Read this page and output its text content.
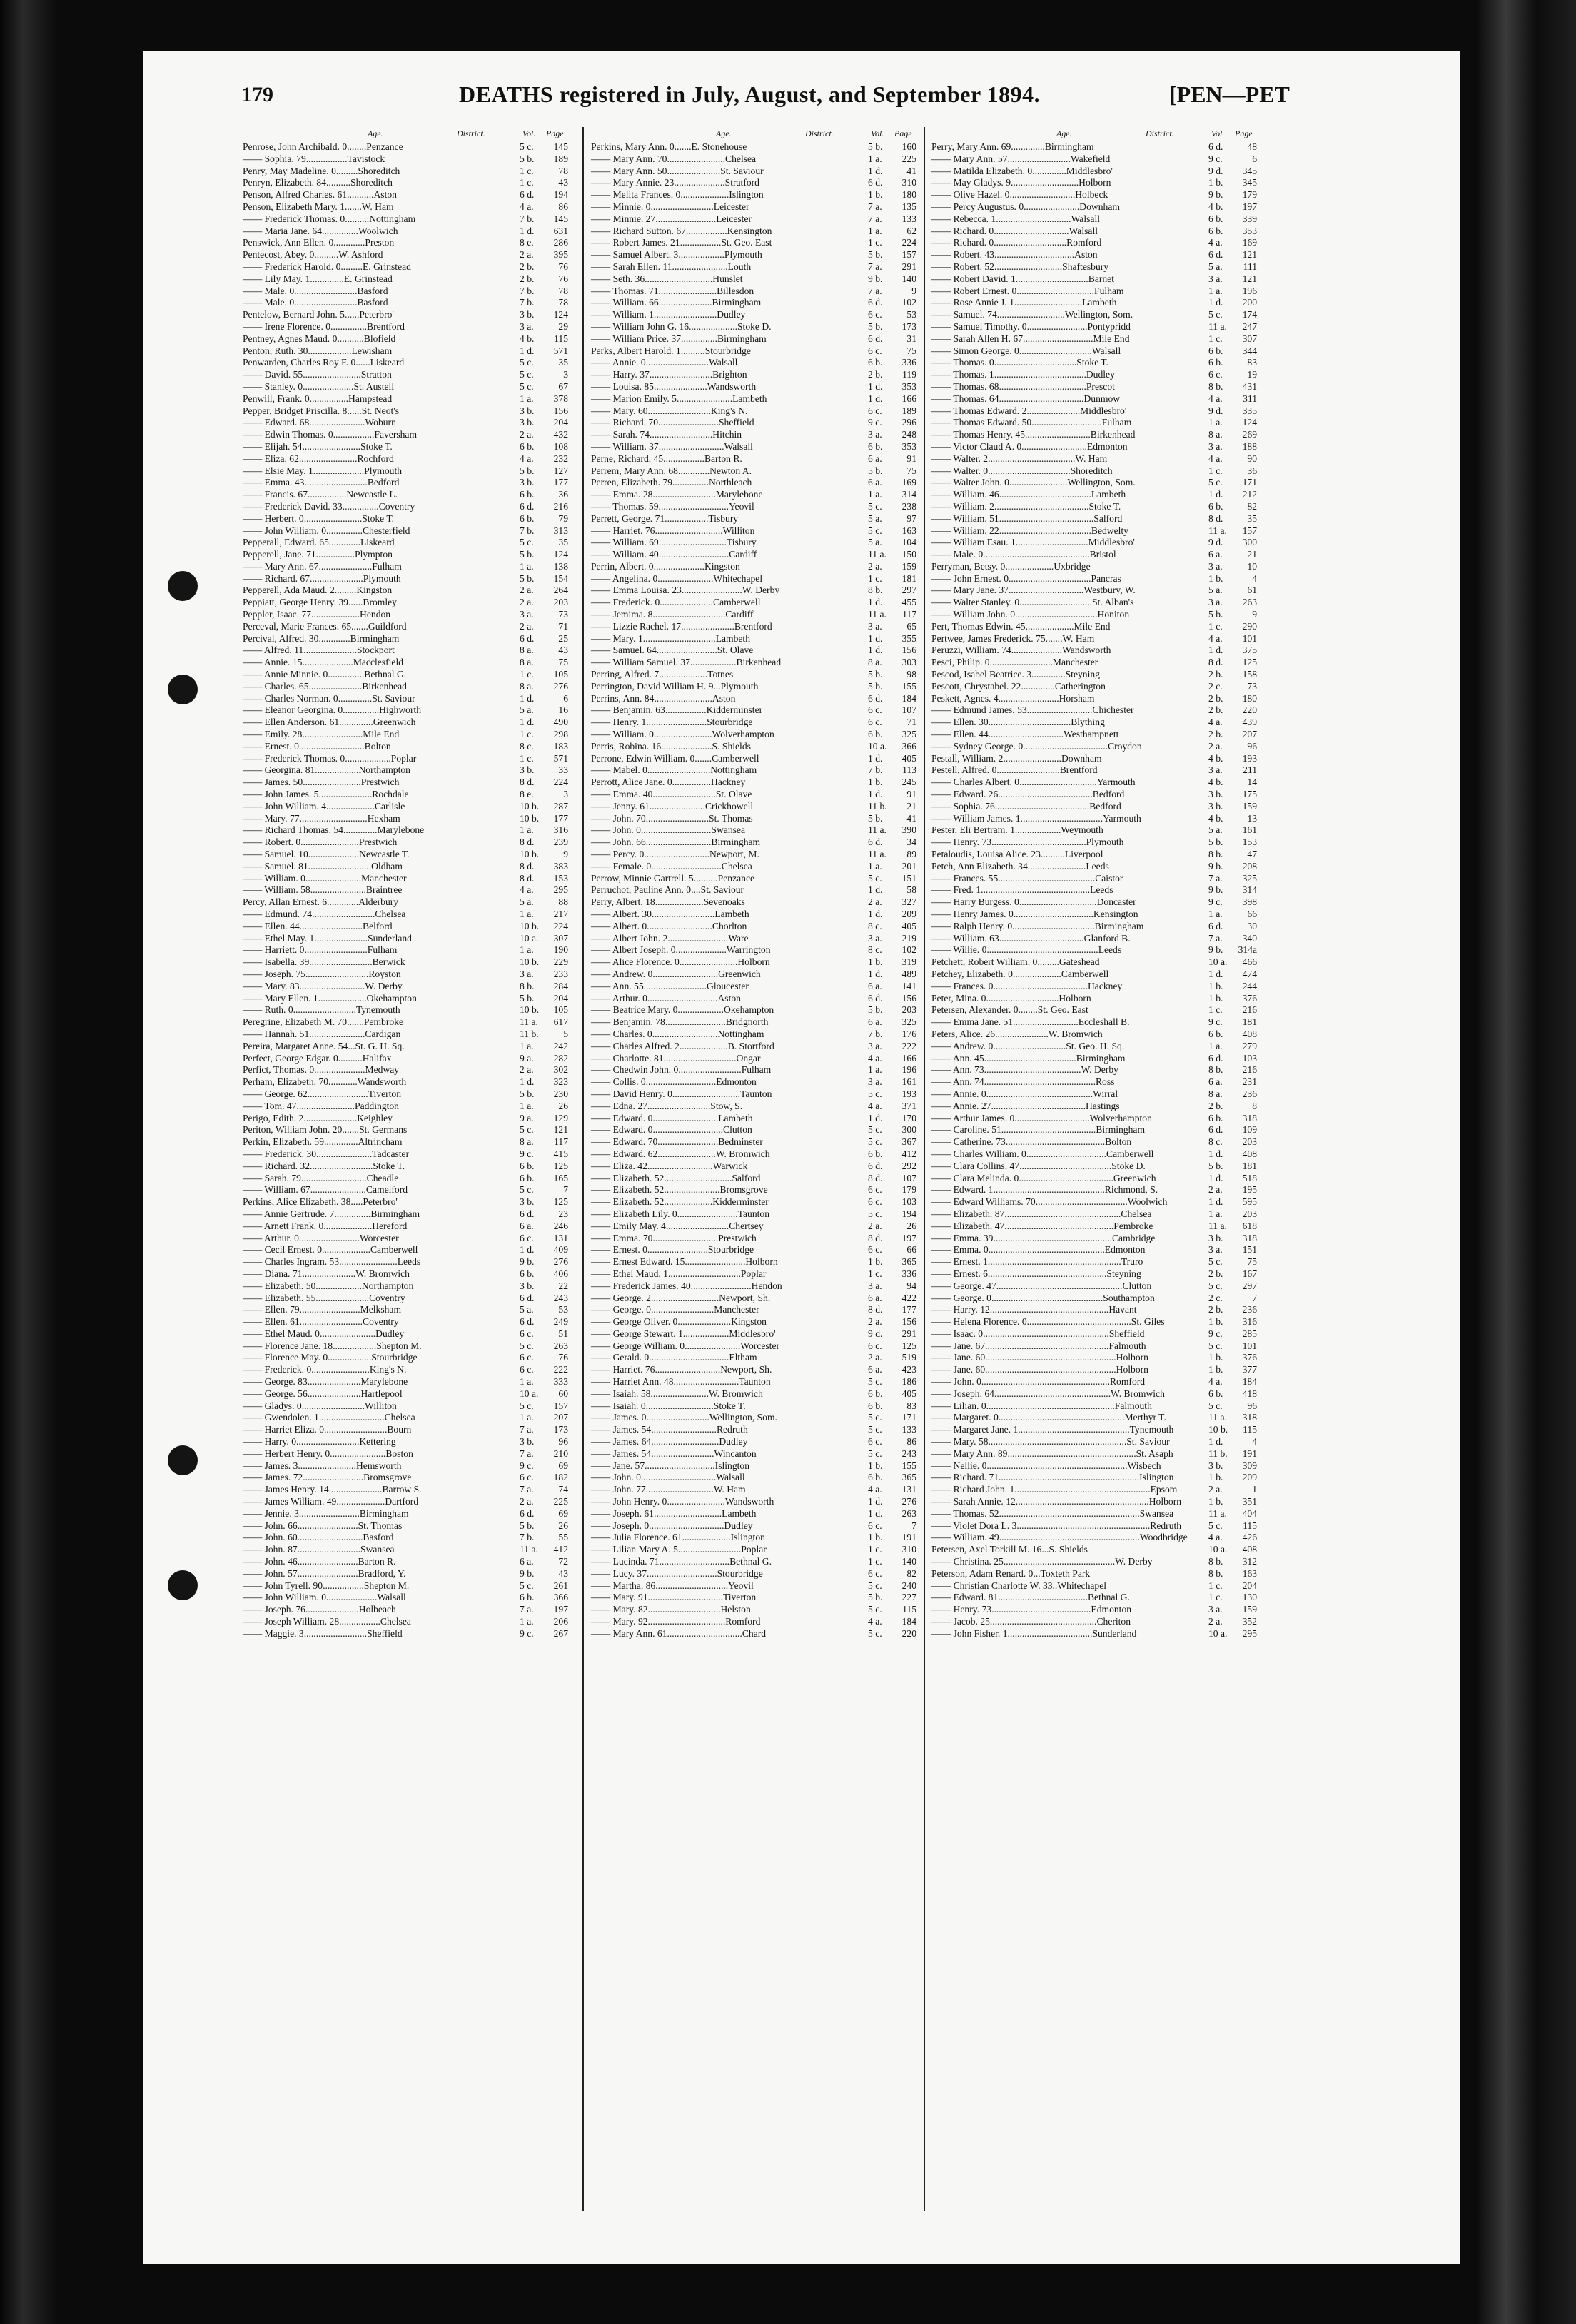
179	DEATHS registered in July, August, and September 1894.	[PEN—PET
Age.	District.	Vol. Page
Penrose, John Archibald. 0........Penzance	5 c.	145
—— Sophia. 79.................Tavistock	5 b.	189
Penry, May Madeline. 0.........Shoreditch	1 c.	78
Penryn, Elizabeth. 84..........Shoreditch	1 c.	43
Penson, Alfred Charles. 61...........Aston	6 d.	194
Penson, Elizabeth Mary. 1.......W. Ham	4 a.	86
—— Frederick Thomas. 0..........Nottingham	7 b.	145
—— Maria Jane. 64...............Woolwich	1 d.	631
Penswick, Ann Ellen. 0.............Preston	8 e.	286
Pentecost, Abey. 0..........W. Ashford	2 a.	395
—— Frederick Harold. 0.........E. Grinstead	2 b.	76
—— Lily May. 1..............E. Grinstead	2 b.	76
—— Male. 0..........................Basford	7 b.	78
—— Male. 0..........................Basford	7 b.	78
Pentelow, Bernard John. 5......Peterbro'	3 b.	124
—— Irene Florence. 0...............Brentford	3 a.	29
Pentney, Agnes Maud. 0...........Blofield	4 b.	115
Penton, Ruth. 30..................Lewisham	1 d.	571
Penwarden, Charles Roy F. 0......Liskeard	5 c.	35
—— David. 55........................Stratton	5 c.	3
—— Stanley. 0.....................St. Austell	5 c.	67
Penwill, Frank. 0................Hampstead	1 a.	378
Pepper, Bridget Priscilla. 8......St. Neot's	3 b.	156
—— Edward. 68.......................Woburn	3 b.	204
—— Edwin Thomas. 0.................Faversham	2 a.	432
—— Elijah. 54........................Stoke T.	6 b.	108
—— Eliza. 62........................Rochford	4 a.	232
—— Elsie May. 1.....................Plymouth	5 b.	127
—— Emma. 43..........................Bedford	3 b.	177
—— Francis. 67................Newcastle L.	6 b.	36
—— Frederick David. 33...............Coventry	6 d.	216
—— Herbert. 0........................Stoke T.	6 b.	79
—— John William. 0...............Chesterfield	7 b.	313
Pepperall, Edward. 65.............Liskeard	5 c.	35
Pepperell, Jane. 71................Plympton	5 b.	124
—— Mary Ann. 67......................Fulham	1 a.	138
—— Richard. 67......................Plymouth	5 b.	154
Pepperell, Ada Maud. 2.........Kingston	2 a.	264
Peppiatt, George Henry. 39......Bromley	2 a.	203
Peppler, Isaac. 77....................Hendon	3 a.	73
Perceval, Marie Frances. 65.......Guildford	2 a.	71
Percival, Alfred. 30.............Birmingham	6 d.	25
—— Alfred. 11......................Stockport	8 a.	43
—— Annie. 15.....................Macclesfield	8 a.	75
—— Annie Minnie. 0...............Bethnal G.	1 c.	105
—— Charles. 65......................Birkenhead	8 a.	276
—— Charles Norman. 0..............St. Saviour	1 d.	6
—— Eleanor Georgina. 0...............Highworth	5 a.	16
—— Ellen Anderson. 61..............Greenwich	1 d.	490
—— Emily. 28.........................Mile End	1 c.	298
—— Ernest. 0...........................Bolton	8 c.	183
—— Frederick Thomas. 0...................Poplar	1 c.	571
—— Georgina. 81..................Northampton	3 b.	33
—— James. 50........................Prestwich	8 d.	224
—— John James. 5......................Rochdale	8 e.	3
—— John William. 4....................Carlisle	10 b.	287
—— Mary. 77............................Hexham	10 b.	177
—— Richard Thomas. 54..............Marylebone	1 a.	316
—— Robert. 0........................Prestwich	8 d.	239
—— Samuel. 10.....................Newcastle T.	10 b.	9
—— Samuel. 81..........................Oldham	8 d.	383
—— William. 0.......................Manchester	8 d.	153
—— William. 58.......................Braintree	4 a.	295
Percy, Allan Ernest. 6.............Alderbury	5 a.	88
—— Edmund. 74..........................Chelsea	1 a.	217
—— Ellen. 44..........................Belford	10 b.	224
—— Ethel May. 1......................Sunderland	10 a.	307
—— Harriett. 0..........................Fulham	1 a.	190
—— Isabella. 39..........................Berwick	10 b.	229
—— Joseph. 75..........................Royston	3 a.	233
—— Mary. 83...........................W. Derby	8 b.	284
—— Mary Ellen. 1....................Okehampton	5 b.	204
—— Ruth. 0..........................Tynemouth	10 b.	105
Peregrine, Elizabeth M. 70.......Pembroke	11 a.	617
—— Hannah. 51.......................Cardigan	11 b.	5
Pereira, Margaret Anne. 54...St. G. H. Sq.	1 a.	242
Perfect, George Edgar. 0..........Halifax	9 a.	282
Perfict, Thomas. 0.....................Medway	2 a.	302
Perham, Elizabeth. 70............Wandsworth	1 d.	323
—— George. 62.........................Tiverton	5 b.	230
—— Tom. 47........................Paddington	1 a.	26
Perigo, Edith. 2......................Keighley	9 a.	129
Periton, William John. 20.......St. Germans	5 c.	121
Perkin, Elizabeth. 59..............Altrincham	8 a.	117
—— Frederick. 30.......................Tadcaster	9 c.	415
—— Richard. 32..........................Stoke T.	6 b.	125
—— Sarah. 79...........................Cheadle	6 b.	165
—— William. 67.......................Camelford	5 c.	7
Perkins, Alice Elizabeth. 38.....Peterbro'	3 b.	125
—— Annie Gertrude. 7...............Birmingham	6 d.	23
—— Arnett Frank. 0....................Hereford	6 a.	246
—— Arthur. 0.........................Worcester	6 c.	131
—— Cecil Ernest. 0....................Camberwell	1 d.	409
—— Charles Ingram. 53........................Leeds	9 b.	276
—— Diana. 71......................W. Bromwich	6 b.	406
—— Elizabeth. 50...................Northampton	3 b.	22
—— Elizabeth. 55......................Coventry	6 d.	243
—— Ellen. 79.........................Melksham	5 a.	53
—— Ellen. 61..........................Coventry	6 d.	249
—— Ethel Maud. 0.......................Dudley	6 c.	51
—— Florence Jane. 18..................Shepton M.	5 c.	263
—— Florence May. 0..................Stourbridge	6 c.	76
—— Frederick. 0........................King's N.	6 c.	222
—— George. 83......................Marylebone	1 a.	333
—— George. 56......................Hartlepool	10 a.	60
—— Gladys. 0..........................Williton	5 c.	157
—— Gwendolen. 1...........................Chelsea	1 a.	207
—— Harriet Eliza. 0..........................Bourn	7 a.	173
—— Harry. 0..........................Kettering	3 b.	96
—— Herbert Henry. 0.......................Boston	7 a.	210
—— James. 3........................Hemsworth	9 c.	69
—— James. 72.........................Bromsgrove	6 c.	182
—— James Henry. 14......................Barrow S.	7 a.	74
—— James William. 49....................Dartford	2 a.	225
—— Jennie. 3.........................Birmingham	6 d.	69
—— John. 66.........................St. Thomas	5 b.	26
—— John. 60...........................Basford	7 b.	55
—— John. 87..........................Swansea	11 a.	412
—— John. 46.........................Barton R.	6 a.	72
—— John. 57.........................Bradford, Y.	9 b.	43
—— John Tyrell. 90.................Shepton M.	5 c.	261
—— John William. 0.....................Walsall	6 b.	366
—— Joseph. 76......................Holbeach	7 a.	197
—— Joseph William. 28.................Chelsea	1 a.	206
—— Maggie. 3..........................Sheffield	9 c.	267
Age.	District.	Vol. Page
Perkins, Mary Ann. 0.......E. Stonehouse	5 b.	160
—— Mary Ann. 70........................Chelsea	1 a.	225
—— Mary Ann. 50......................St. Saviour	1 d.	41
—— Mary Annie. 23.....................Stratford	6 d.	310
—— Melita Frances. 0....................Islington	1 b.	180
—— Minnie. 0..........................Leicester	7 a.	135
—— Minnie. 27.........................Leicester	7 a.	133
—— Richard Sutton. 67.................Kensington	1 a.	62
—— Robert James. 21.................St. Geo. East	1 c.	224
—— Samuel Albert. 3...................Plymouth	5 b.	157
—— Sarah Ellen. 11.......................Louth	7 a.	291
—— Seth. 36............................Hunslet	9 b.	140
—— Thomas. 71........................Billesdon	7 a.	9
—— William. 66......................Birmingham	6 d.	102
—— William. 1..........................Dudley	6 c.	53
—— William John G. 16....................Stoke D.	5 b.	173
—— William Price. 37...............Birmingham	6 d.	31
Perks, Albert Harold. 1..........Stourbridge	6 c.	75
—— Annie. 0..........................Walsall	6 b.	336
—— Harry. 37..........................Brighton	2 b.	119
—— Louisa. 85......................Wandsworth	1 d.	353
—— Marion Emily. 5.......................Lambeth	1 d.	166
—— Mary. 60..........................King's N.	6 c.	189
—— Richard. 70.........................Sheffield	9 c.	296
—— Sarah. 74..........................Hitchin	3 a.	248
—— William. 37...........................Walsall	6 b.	353
Perne, Richard. 45.................Barton R.	6 a.	91
Perrem, Mary Ann. 68.............Newton A.	5 b.	75
Perren, Elizabeth. 79...............Northleach	6 a.	169
—— Emma. 28..........................Marylebone	1 a.	314
—— Thomas. 59.............................Yeovil	5 c.	238
Perrett, George. 71..................Tisbury	5 a.	97
—— Harriet. 76............................Williton	5 c.	163
—— William. 69............................Tisbury	5 a.	104
—— William. 40.............................Cardiff	11 a.	150
Perrin, Albert. 0.....................Kingston	2 a.	159
—— Angelina. 0.......................Whitechapel	1 c.	181
—— Emma Louisa. 23.........................W. Derby	8 b.	297
—— Frederick. 0......................Camberwell	1 d.	455
—— Jemima. 8..............................Cardiff	11 a.	117
—— Lizzie Rachel. 17......................Brentford	3 a.	65
—— Mary. 1..............................Lambeth	1 d.	355
—— Samuel. 64.........................St. Olave	1 d.	156
—— William Samuel. 37...................Birkenhead	8 a.	303
Perring, Alfred. 7....................Totnes	5 b.	98
Perrington, David William H. 9...Plymouth	5 b.	155
Perrins, Ann. 84........................Aston	6 d.	184
—— Benjamin. 63.................Kidderminster	6 c.	107
—— Henry. 1.........................Stourbridge	6 c.	71
—— William. 0........................Wolverhampton	6 b.	325
Perris, Robina. 16.....................S. Shields	10 a.	366
Perrone, Edwin William. 0.......Camberwell	1 d.	405
—— Mabel. 0..........................Nottingham	7 b.	113
Perrott, Alice Jane. 0................Hackney	1 b.	245
—— Emma. 40..........................St. Olave	1 d.	91
—— Jenny. 61.......................Crickhowell	11 b.	21
—— John. 70..........................St. Thomas	5 b.	41
—— John. 0.............................Swansea	11 a.	390
—— John. 66...........................Birmingham	6 d.	34
—— Percy. 0...........................Newport, M.	11 a.	89
—— Female. 0.............................Chelsea	1 a.	201
Perrow, Minnie Gartrell. 5..........Penzance	5 c.	151
Perruchot, Pauline Ann. 0....St. Saviour	1 d.	58
Perry, Albert. 18....................Sevenoaks	2 a.	327
—— Albert. 30..........................Lambeth	1 d.	209
—— Albert. 0...........................Chorlton	8 c.	405
—— Albert John. 2.........................Ware	3 a.	219
—— Albert Joseph. 0.....................Warrington	8 c.	102
—— Alice Florence. 0........................Holborn	1 b.	319
—— Andrew. 0...........................Greenwich	1 d.	489
—— Ann. 55..........................Gloucester	6 a.	141
—— Arthur. 0.............................Aston	6 d.	156
—— Beatrice Mary. 0...................Okehampton	5 b.	203
—— Benjamin. 78.........................Bridgnorth	6 a.	325
—— Charles. 0...........................Nottingham	7 b.	176
—— Charles Alfred. 2....................B. Stortford	3 a.	222
—— Charlotte. 81..............................Ongar	4 a.	166
—— Chedwin John. 0..........................Fulham	1 a.	196
—— Collis. 0.............................Edmonton	3 a.	161
—— David Henry. 0............................Taunton	5 c.	193
—— Edna. 27..........................Stow, S.	4 a.	371
—— Edward. 0...........................Lambeth	1 d.	170
—— Edward. 0.............................Clutton	5 c.	300
—— Edward. 70.........................Bedminster	5 c.	367
—— Edward. 62........................W. Bromwich	6 b.	412
—— Eliza. 42...........................Warwick	6 d.	292
—— Elizabeth. 52............................Salford	8 d.	107
—— Elizabeth. 52.......................Bromsgrove	6 c.	179
—— Elizabeth. 52....................Kidderminster	6 c.	103
—— Elizabeth Lily. 0.........................Taunton	5 c.	194
—— Emily May. 4..........................Chertsey	2 a.	26
—— Emma. 70...........................Prestwich	8 d.	197
—— Ernest. 0.........................Stourbridge	6 c.	66
—— Ernest Edward. 15.........................Holborn	1 b.	365
—— Ethel Maud. 1..............................Poplar	1 c.	336
—— Frederick James. 40.........................Hendon	3 a.	94
—— George. 2............................Newport, Sh.	6 a.	422
—— George. 0..........................Manchester	8 d.	177
—— George Oliver. 0......................Kingston	2 a.	156
—— George Stewart. 1...................Middlesbro'	9 d.	291
—— George William. 0.......................Worcester	6 c.	125
—— Gerald. 0.................................Eltham	2 a.	519
—— Harriet. 76...........................Newport, Sh.	6 a.	423
—— Harriet Ann. 48...........................Taunton	5 c.	186
—— Isaiah. 58........................W. Bromwich	6 b.	405
—— Isaiah. 0............................Stoke T.	6 b.	83
—— James. 0..........................Wellington, Som.	5 c.	171
—— James. 54...........................Redruth	5 c.	133
—— James. 64............................Dudley	6 c.	86
—— James. 54..........................Wincanton	5 c.	243
—— Jane. 57.............................Islington	1 b.	155
—— John. 0...............................Walsall	6 b.	365
—— John. 77............................W. Ham	4 a.	131
—— John Henry. 0........................Wandsworth	1 d.	276
—— Joseph. 61............................Lambeth	1 d.	263
—— Joseph. 0...............................Dudley	6 c.	7
—— Julia Florence. 61....................Islington	1 b.	191
—— Lilian Mary A. 5..........................Poplar	1 c.	310
—— Lucinda. 71.............................Bethnal G.	1 c.	140
—— Lucy. 37.............................Stourbridge	6 c.	82
—— Martha. 86..............................Yeovil	5 c.	240
—— Mary. 91...............................Tiverton	5 b.	227
—— Mary. 82..............................Helston	5 c.	115
—— Mary. 92................................Romford	4 a.	184
—— Mary Ann. 61...............................Chard	5 c.	220
Age.	District.	Vol. Page
Perry, Mary Ann. 69..............Birmingham	6 d.	48
—— Mary Ann. 57..........................Wakefield	9 c.	6
—— Matilda Elizabeth. 0..............Middlesbro'	9 d.	345
—— May Gladys. 9............................Holborn	1 b.	345
—— Olive Hazel. 0...........................Holbeck	9 b.	179
—— Percy Augustus. 0.......................Downham	4 b.	197
—— Rebecca. 1...............................Walsall	6 b.	339
—— Richard. 0...............................Walsall	6 b.	353
—— Richard. 0..............................Romford	4 a.	169
—— Robert. 43.................................Aston	6 d.	121
—— Robert. 52............................Shaftesbury	5 a.	111
—— Robert David. 1..............................Barnet	3 a.	121
—— Robert Ernest. 0................................Fulham	1 a.	196
—— Rose Annie J. 1............................Lambeth	1 d.	200
—— Samuel. 74............................Wellington, Som.	5 c.	174
—— Samuel Timothy. 0.........................Pontypridd	11 a.	247
—— Sarah Allen H. 67.............................Mile End	1 c.	307
—— Simon George. 0..............................Walsall	6 b.	344
—— Thomas. 0..................................Stoke T.	6 b.	83
—— Thomas. 1......................................Dudley	6 c.	19
—— Thomas. 68....................................Prescot	8 b.	431
—— Thomas. 64...................................Dunmow	4 a.	311
—— Thomas Edward. 2......................Middlesbro'	9 d.	335
—— Thomas Edward. 50.............................Fulham	1 a.	124
—— Thomas Henry. 45...........................Birkenhead	8 a.	269
—— Victor Claud A. 0...........................Edmonton	3 a.	188
—— Walter. 2....................................W. Ham	4 a.	90
—— Walter. 0..................................Shoreditch	1 c.	36
—— Walter John. 0........................Wellington, Som.	5 c.	171
—— William. 46......................................Lambeth	1 d.	212
—— William. 2.......................................Stoke T.	6 b.	82
—— William. 51.......................................Salford	8 d.	35
—— William. 22......................................Bedwelty	11 a.	157
—— William Esau. 1..............................Middlesbro'	9 d.	300
—— Male. 0............................................Bristol	6 a.	21
Perryman, Betsy. 0....................Uxbridge	3 a.	10
—— John Ernest. 0..................................Pancras	1 b.	4
—— Mary Jane. 37...............................Westbury, W.	5 a.	61
—— Walter Stanley. 0..............................St. Alban's	3 a.	263
—— William John. 0..................................Honiton	5 b.	9
Pert, Thomas Edwin. 45....................Mile End	1 c.	290
Pertwee, James Frederick. 75.......W. Ham	4 a.	101
Peruzzi, William. 74.....................Wandsworth	1 d.	375
Pesci, Philip. 0..........................Manchester	8 d.	125
Pescod, Isabel Beatrice. 3..............Steyning	2 b.	158
Pescott, Chrystabel. 22..............Catherington	2 c.	73
Peskett, Agnes. 4.........................Horsham	2 b.	180
—— Edmund James. 53...........................Chichester	2 b.	220
—— Ellen. 30..................................Blything	4 a.	439
—— Ellen. 44...............................Westhampnett	2 b.	207
—— Sydney George. 0...................................Croydon	2 a.	96
Pestall, William. 2........................Downham	4 b.	193
Pestell, Alfred. 0..........................Brentford	3 a.	211
—— Charles Albert. 0................................Yarmouth	4 b.	14
—— Edward. 26.......................................Bedford	3 b.	175
—— Sophia. 76.......................................Bedford	3 b.	159
—— William James. 1..................................Yarmouth	4 b.	13
Pester, Eli Bertram. 1...................Weymouth	5 a.	161
—— Henry. 73.......................................Plymouth	5 b.	153
Petaloudis, Louisa Alice. 23..........Liverpool	8 b.	47
Petch, Ann Elizabeth. 34........................Leeds	9 b.	208
—— Frances. 55........................................Caistor	7 a.	325
—— Fred. 1.............................................Leeds	9 b.	314
—— Harry Burgess. 0................................Doncaster	9 c.	398
—— Henry James. 0.................................Kensington	1 a.	66
—— Ralph Henry. 0..................................Birmingham	6 d.	30
—— William. 63...................................Glanford B.	7 a.	340
—— Willie. 0..............................................Leeds	9 b.	314a
Petchett, Robert William. 0.........Gateshead	10 a.	466
Petchey, Elizabeth. 0....................Camberwell	1 d.	474
—— Frances. 0.......................................Hackney	1 b.	244
Peter, Mina. 0..............................Holborn	1 b.	376
Petersen, Alexander. 0........St. Geo. East	1 c.	216
—— Emma Jane. 51...........................Eccleshall B.	9 c.	181
Peters, Alice. 26......................W. Bromwich	6 b.	408
—— Andrew. 0..............................St. Geo. H. Sq.	1 a.	279
—— Ann. 45......................................Birmingham	6 d.	103
—— Ann. 73........................................W. Derby	8 b.	216
—— Ann. 74..............................................Ross	6 a.	231
—— Annie. 0............................................Wirral	8 a.	236
—— Annie. 27.......................................Hastings	2 b.	8
—— Arthur James. 0...............................Wolverhampton	6 b.	318
—— Caroline. 51.......................................Birmingham	6 d.	109
—— Catherine. 73.........................................Bolton	8 c.	203
—— Charles William. 0.................................Camberwell	1 d.	408
—— Clara Collins. 47......................................Stoke D.	5 b.	181
—— Clara Melinda. 0.......................................Greenwich	1 d.	518
—— Edward. 1..............................................Richmond, S.	2 a.	195
—— Edward Williams. 70......................................Woolwich	1 d.	595
—— Elizabeth. 87................................................Chelsea	1 a.	203
—— Elizabeth. 47.............................................Pembroke	11 a.	618
—— Emma. 39.................................................Cambridge	3 b.	318
—— Emma. 0................................................Edmonton	3 a.	151
—— Ernest. 1.......................................................Truro	5 c.	75
—— Ernest. 6.................................................Steyning	2 b.	167
—— George. 47....................................................Clutton	5 c.	297
—— George. 0..............................................Southampton	2 c.	7
—— Harry. 12.................................................Havant	2 b.	236
—— Helena Florence. 0...........................................St. Giles	1 b.	316
—— Isaac. 0....................................................Sheffield	9 c.	285
—— Jane. 67...................................................Falmouth	5 c.	101
—— Jane. 60......................................................Holborn	1 b.	376
—— Jane. 60......................................................Holborn	1 b.	377
—— John. 0.....................................................Romford	4 a.	184
—— Joseph. 64................................................W. Bromwich	6 b.	418
—— Lilian. 0.....................................................Falmouth	5 c.	96
—— Margaret. 0....................................................Merthyr T.	11 a.	318
—— Margaret Jane. 1..............................................Tynemouth	10 b.	115
—— Mary. 58.........................................................St. Saviour	1 d.	4
—— Mary Ann. 89.....................................................St. Asaph	11 b.	191
—— Nellie. 0..........................................................Wisbech	3 b.	309
—— Richard. 71..........................................................Islington	1 b.	209
—— Richard John. 1........................................................Epsom	2 a.	1
—— Sarah Annie. 12.......................................................Holborn	1 b.	351
—— Thomas. 52..........................................................Swansea	11 a.	404
—— Violet Dora L. 3.......................................................Redruth	5 c.	115
—— William. 49..........................................................Woodbridge	4 a.	426
Petersen, Axel Torkill M. 16...S. Shields	10 a.	408
—— Christina. 25..............................................W. Derby	8 b.	312
Peterson, Adam Renard. 0...Toxteth Park	8 b.	163
—— Christian Charlotte W. 33..Whitechapel	1 c.	204
—— Edward. 81.....................................Bethnal G.	1 c.	130
—— Henry. 73.........................................Edmonton	3 a.	159
—— Jacob. 25............................................Cheriton	2 a.	352
—— John Fisher. 1...................................Sunderland	10 a.	295
